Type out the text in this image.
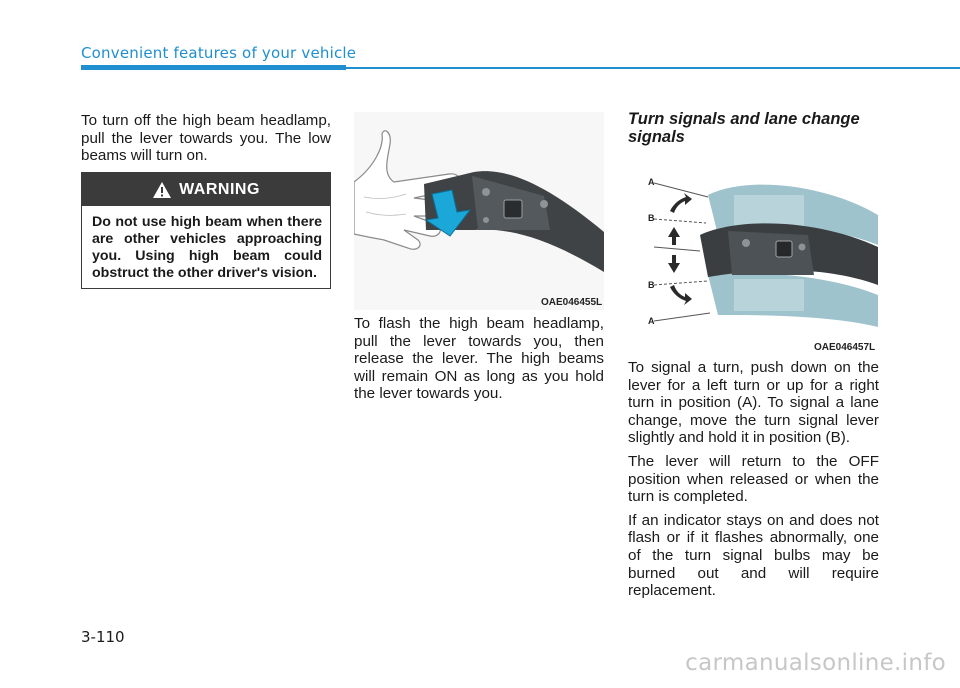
Convenient features of your vehicle

To turn off the high beam headlamp, pull the lever towards you. The low beams will turn on.

WARNING
Do not use high beam when there are other vehicles approaching you. Using high beam could obstruct the other driver's vision.
OAE046455L

To flash the high beam headlamp, pull the lever towards you, then release the lever. The high beams will remain ON as long as you hold the lever towards you.

Turn signals and lane change signals
A
B
B
A
OAE046457L

To signal a turn, push down on the lever for a left turn or up for a right turn in position (A). To signal a lane change, move the turn signal lever slightly and hold it in position (B).

The lever will return to the OFF position when released or when the turn is completed.

If an indicator stays on and does not flash or if it flashes abnormally, one of the turn signal bulbs may be burned out and will require replacement.

3-110
carmanualsonline.info
